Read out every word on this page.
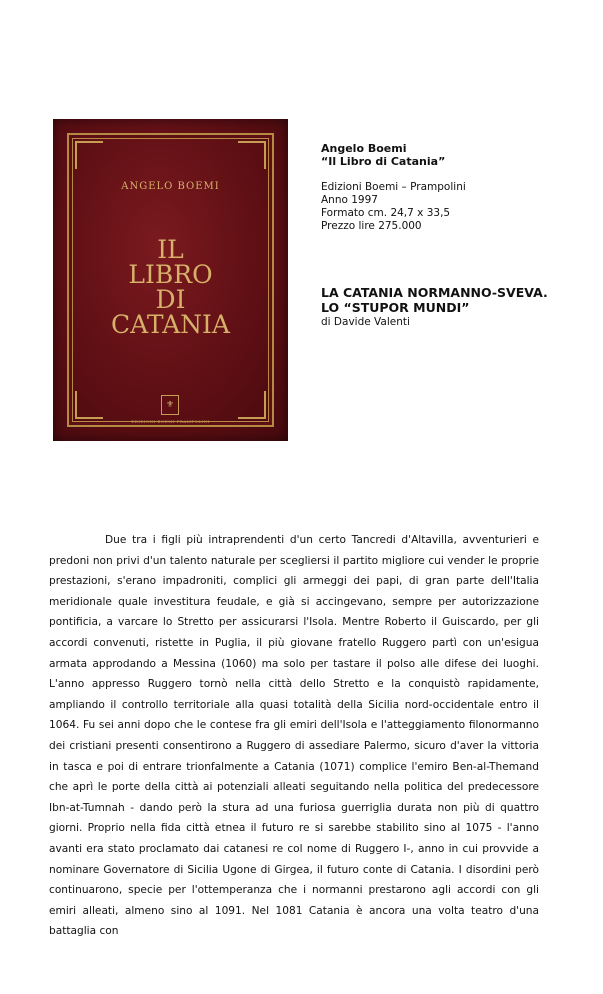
ANGELO BOEMI
IL
LIBRO
DI
CATANIA
⚜
EDIZIONI BOEMI-PRAMPOLINI
Angelo Boemi
“Il Libro di Catania”
Edizioni Boemi – Prampolini
Anno 1997
Formato cm. 24,7 x 33,5
Prezzo lire 275.000
LA CATANIA NORMANNO-SVEVA.
LO “STUPOR MUNDI”
di Davide Valenti
Due tra i figli più intraprendenti d'un certo Tancredi d'Altavilla, avventurieri e predoni non privi d'un talento naturale per scegliersi il partito migliore cui vender le proprie prestazioni, s'erano impadroniti, complici gli armeggi dei papi, di gran parte dell'Italia meridionale quale investitura feudale, e già si accingevano, sempre per autorizzazione pontificia, a varcare lo Stretto per assicurarsi l'Isola. Mentre Roberto il Guiscardo, per gli accordi convenuti, ristette in Puglia, il più giovane fratello Ruggero partì con un'esigua armata approdando a Messina (1060) ma solo per tastare il polso alle difese dei luoghi. L'anno appresso Ruggero tornò nella città dello Stretto e la conquistò rapidamente, ampliando il controllo territoriale alla quasi totalità della Sicilia nord-occidentale entro il 1064. Fu sei anni dopo che le contese fra gli emiri dell'Isola e l'atteggiamento filonormanno dei cristiani presenti consentirono a Ruggero di assediare Palermo, sicuro d'aver la vittoria in tasca e poi di entrare trionfalmente a Catania (1071) complice l'emiro Ben-al-Themand che aprì le porte della città ai potenziali alleati seguitando nella politica del predecessore Ibn-at-Tumnah - dando però la stura ad una furiosa guerriglia durata non più di quattro giorni. Proprio nella fida città etnea il futuro re si sarebbe stabilito sino al 1075 - l'anno avanti era stato proclamato dai catanesi re col nome di Ruggero I-, anno in cui provvide a nominare Governatore di Sicilia Ugone di Girgea, il futuro conte di Catania. I disordini però continuarono, specie per l'ottemperanza che i normanni prestarono agli accordi con gli emiri alleati, almeno sino al 1091. Nel 1081 Catania è ancora una volta teatro d'una battaglia con
